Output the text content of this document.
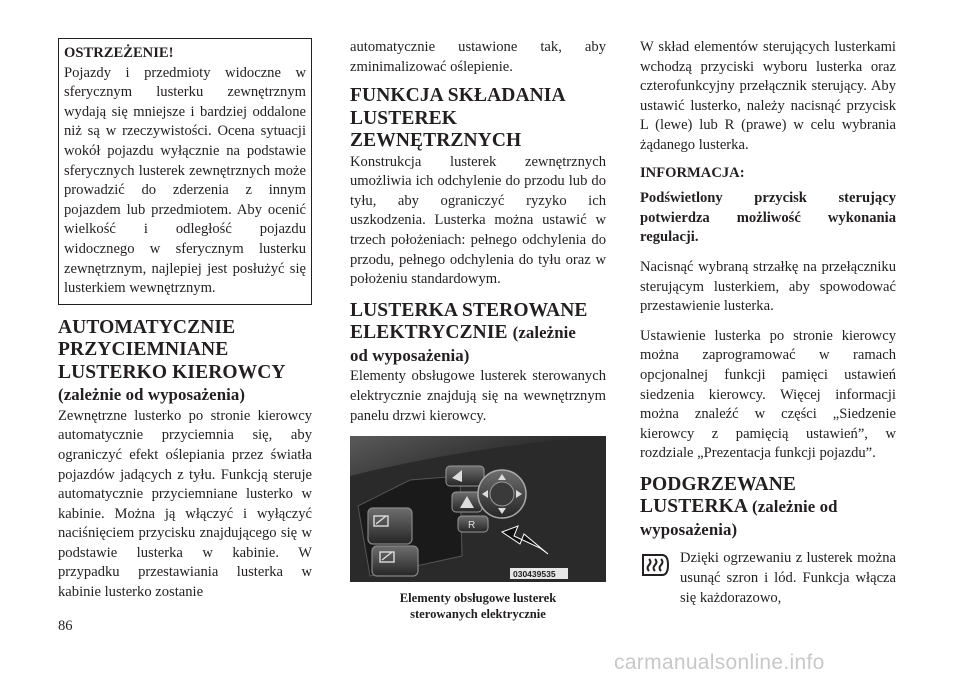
OSTRZEŻENIE!

Pojazdy i przedmioty widoczne w sferycznym lusterku zewnętrznym wydają się mniejsze i bardziej oddalone niż są w rzeczywistości. Ocena sytuacji wokół pojazdu wyłącznie na podstawie sferycznych lusterek zewnętrznych może prowadzić do zderzenia z innym pojazdem lub przedmiotem. Aby ocenić wielkość i odległość pojazdu widocznego w sferycznym lusterku zewnętrznym, najlepiej jest posłużyć się lusterkiem wewnętrznym.

AUTOMATYCZNIE
PRZYCIEMNIANE
LUSTERKO KIEROWCY
(zależnie od wyposażenia)

Zewnętrzne lusterko po stronie kierowcy automatycznie przyciemnia się, aby ograniczyć efekt oślepiania przez światła pojazdów jadących z tyłu. Funkcją steruje automatycznie przyciemniane lusterko w kabinie. Można ją włączyć i wyłączyć naciśnięciem przycisku znajdującego się w podstawie lusterka w kabinie. W przypadku przestawiania lusterka w kabinie lusterko zostanie

automatycznie ustawione tak, aby zminimalizować oślepienie.

FUNKCJA SKŁADANIA
LUSTEREK
ZEWNĘTRZNYCH

Konstrukcja lusterek zewnętrznych umożliwia ich odchylenie do przodu lub do tyłu, aby ograniczyć ryzyko ich uszkodzenia. Lusterka można ustawić w trzech położeniach: pełnego odchylenia do przodu, pełnego odchylenia do tyłu oraz w położeniu standardowym.

LUSTERKA STEROWANE
ELEKTRYCZNIE (zależnie
od wyposażenia)

Elementy obsługowe lusterek sterowanych elektrycznie znajdują się na wewnętrznym panelu drzwi kierowcy.

R
030439535
Elementy obsługowe lusterek
sterowanych elektrycznie

W skład elementów sterujących lusterkami wchodzą przyciski wyboru lusterka oraz czterofunkcyjny przełącznik sterujący. Aby ustawić lusterko, należy nacisnąć przycisk L (lewe) lub R (prawe) w celu wybrania żądanego lusterka.

INFORMACJA:

Podświetlony przycisk sterujący potwierdza możliwość wykonania regulacji.

Nacisnąć wybraną strzałkę na przełączniku sterującym lusterkiem, aby spowodować przestawienie lusterka.

Ustawienie lusterka po stronie kierowcy można zaprogramować w ramach opcjonalnej funkcji pamięci ustawień siedzenia kierowcy. Więcej informacji można znaleźć w części „Siedzenie kierowcy z pamięcią ustawień”, w rozdziale „Prezentacja funkcji pojazdu”.

PODGRZEWANE
LUSTERKA (zależnie od
wyposażenia)

Dzięki ogrzewaniu z lusterek można usunąć szron i lód. Funkcja włącza się każdorazowo,

86
carmanualsonline.info
